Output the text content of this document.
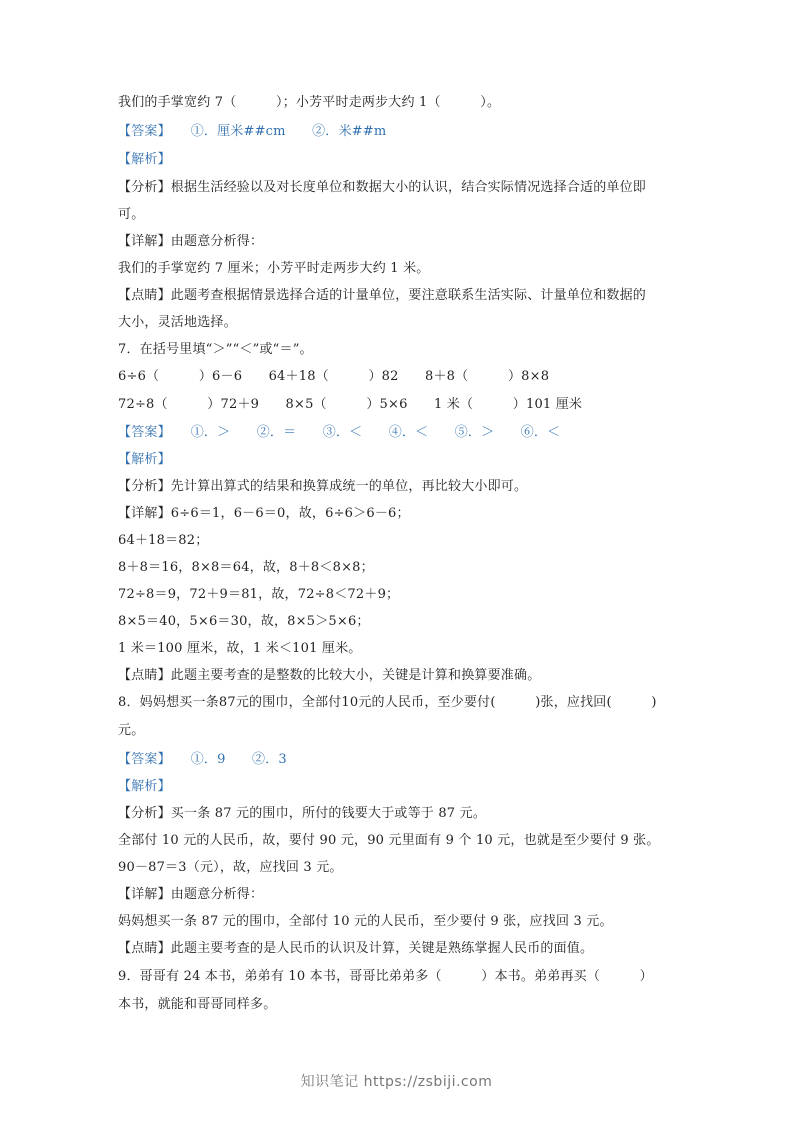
我们的手掌宽约 7（　　　）；小芳平时走两步大约 1（　　　）。
【答案】　　①．厘米##cm　　②．米##m
【解析】
【分析】根据生活经验以及对长度单位和数据大小的认识，结合实际情况选择合适的单位即
可。
【详解】由题意分析得：
我们的手掌宽约 7 厘米；小芳平时走两步大约 1 米。
【点睛】此题考查根据情景选择合适的计量单位，要注意联系生活实际、计量单位和数据的
大小，灵活地选择。
7．在括号里填“＞”“＜”或“＝”。
6÷6（　　　）6－6　　64＋18（　　　）82　　8＋8（　　　）8×8
72÷8（　　　）72＋9　　8×5（　　　）5×6　　1 米（　　　）101 厘米
【答案】　　①．＞　　②．＝　　③．＜　　④．＜　　⑤．＞　　⑥．＜
【解析】
【分析】先计算出算式的结果和换算成统一的单位，再比较大小即可。
【详解】6÷6＝1，6－6＝0，故，6÷6＞6－6；
64＋18＝82；
8＋8＝16，8×8＝64，故，8＋8＜8×8；
72÷8＝9，72＋9＝81，故，72÷8＜72＋9；
8×5＝40，5×6＝30，故，8×5＞5×6；
1 米＝100 厘米，故，1 米＜101 厘米。
【点睛】此题主要考查的是整数的比较大小，关键是计算和换算要准确。
8．妈妈想买一条87元的围巾，全部付10元的人民币，至少要付(　　　)张，应找回(　　　)
元。
【答案】　　①．9　　②．3
【解析】
【分析】买一条 87 元的围巾，所付的钱要大于或等于 87 元。
全部付 10 元的人民币，故，要付 90 元，90 元里面有 9 个 10 元，也就是至少要付 9 张。
90－87＝3（元），故，应找回 3 元。
【详解】由题意分析得：
妈妈想买一条 87 元的围巾，全部付 10 元的人民币，至少要付 9 张，应找回 3 元。
【点睛】此题主要考查的是人民币的认识及计算，关键是熟练掌握人民币的面值。
9．哥哥有 24 本书，弟弟有 10 本书，哥哥比弟弟多（　　　）本书。弟弟再买（　　　）
本书，就能和哥哥同样多。
知识笔记 https://zsbiji.com
